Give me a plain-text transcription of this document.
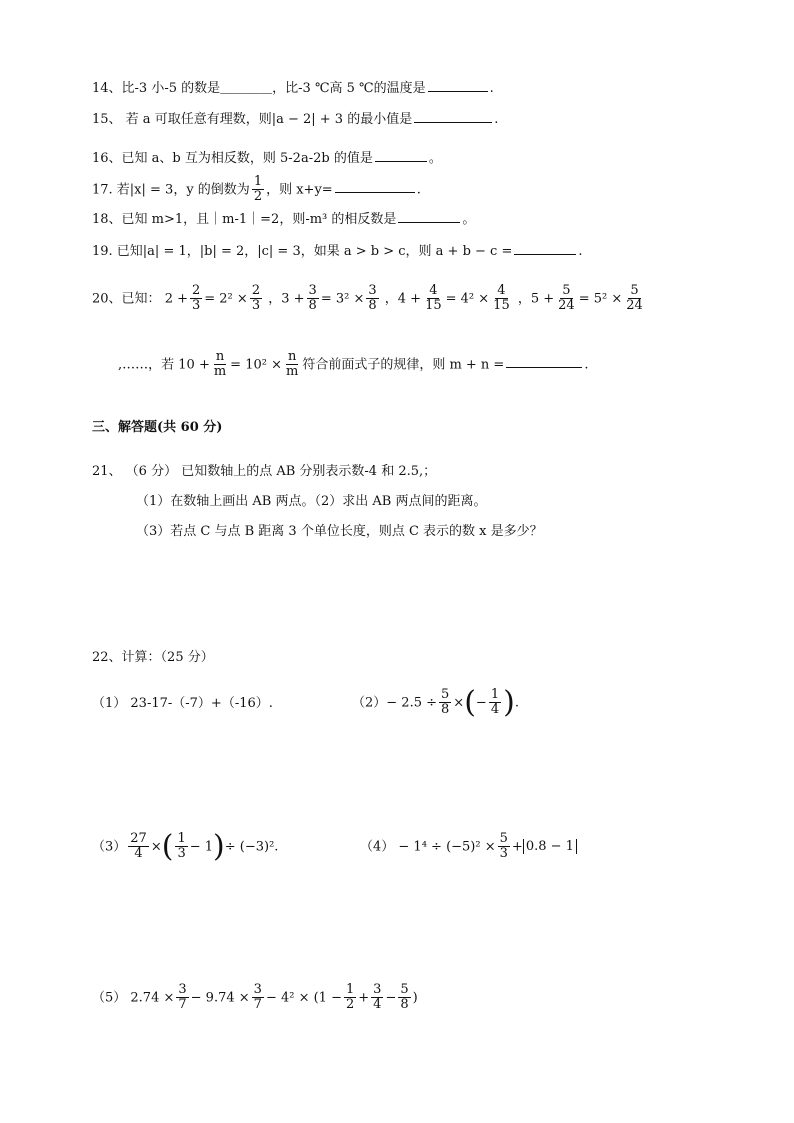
14、比-3 小-5 的数是＿＿＿＿，比-3 ℃高 5 ℃的温度是	.
15、 若 a 可取任意有理数，则|a − 2| + 3 的最小值是	.
16、已知 a、b 互为相反数，则 5-2a-2b 的值是	。
17. 若|x| = 3，y 的倒数为 $\frac{1}{2}$ ，则 x+y=	.
18、已知 m>1，且｜m-1｜=2，则-m³ 的相反数是	。
19. 已知|a| = 1，|b| = 2，|c| = 3，如果 a > b > c，则 a + b − c =	.
20、已知： $2 + \frac{2}{3} = 2^2 \times \frac{2}{3}$ ，$3 + \frac{3}{8} = 3^2 \times \frac{3}{8}$ ，$4 + \frac{4}{15} = 4^2 \times \frac{4}{15}$ ，$5 + \frac{5}{24} = 5^2 \times \frac{5}{24}$
,……，若 $10 + \frac{n}{m} = 10^2 \times \frac{n}{m}$ 符合前面式子的规律，则 m + n =	.
三、解答题(共 60 分)
21、 （6 分） 已知数轴上的点 AB 分别表示数-4 和 2.5,；
（1）在数轴上画出 AB 两点。（2）求出 AB 两点间的距离。
（3）若点 C 与点 B 距离 3 个单位长度，则点 C 表示的数 x 是多少？
22、计算：（25 分）
（1） 23-17-（-7）+（-16）.	$(2)- 2.5 \div \frac{5}{8}$ ×(− $\frac{1}{4}$ ).
$(3) \frac{27}{4}$ ×( $\frac{1}{3} - 1)\div (-3)^2$.	$(4) - 1^4 \div (-5)^2 \times \frac{5}{3} + 0.8 - 1$
（5） $2.74 \times \frac{3}{7} - 9.74 \times \frac{3}{7} - 4^2 \times (1 - \frac{1}{2} + \frac{3}{4} - \frac{5}{8}$ )
